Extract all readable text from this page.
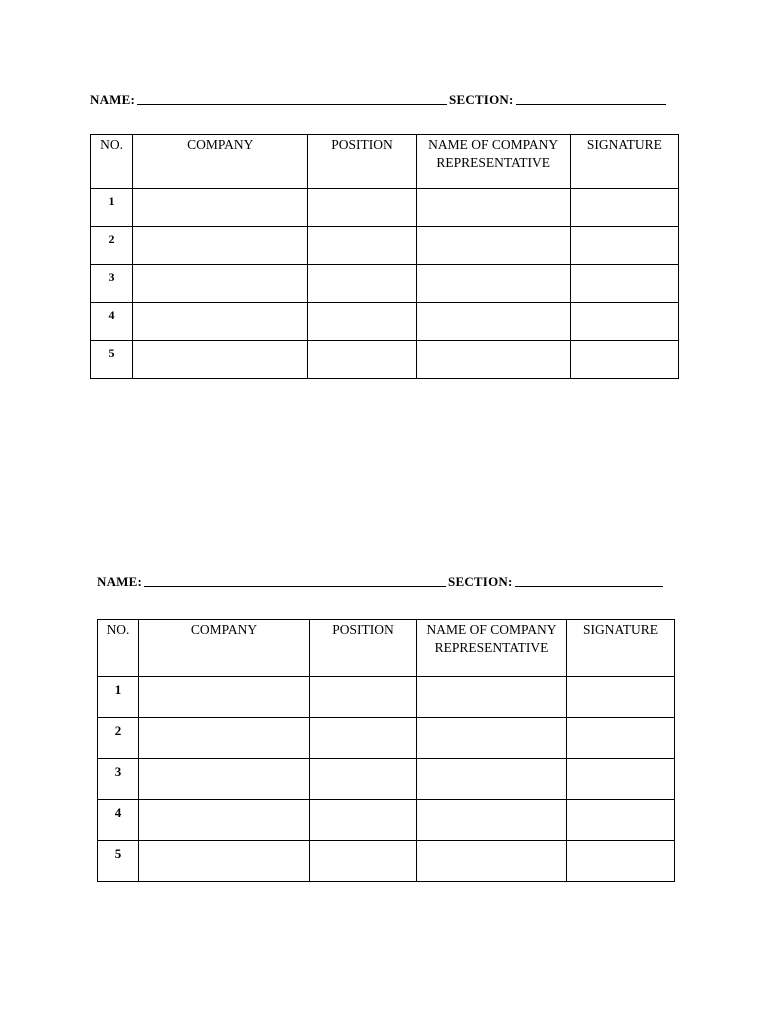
NAME:	SECTION:
NO.	COMPANY	POSITION	NAME OF COMPANY REPRESENTATIVE	SIGNATURE
1				
2				
3				
4				
5				
NAME:	SECTION:
NO.	COMPANY	POSITION	NAME OF COMPANY REPRESENTATIVE	SIGNATURE
1				
2				
3				
4				
5				
